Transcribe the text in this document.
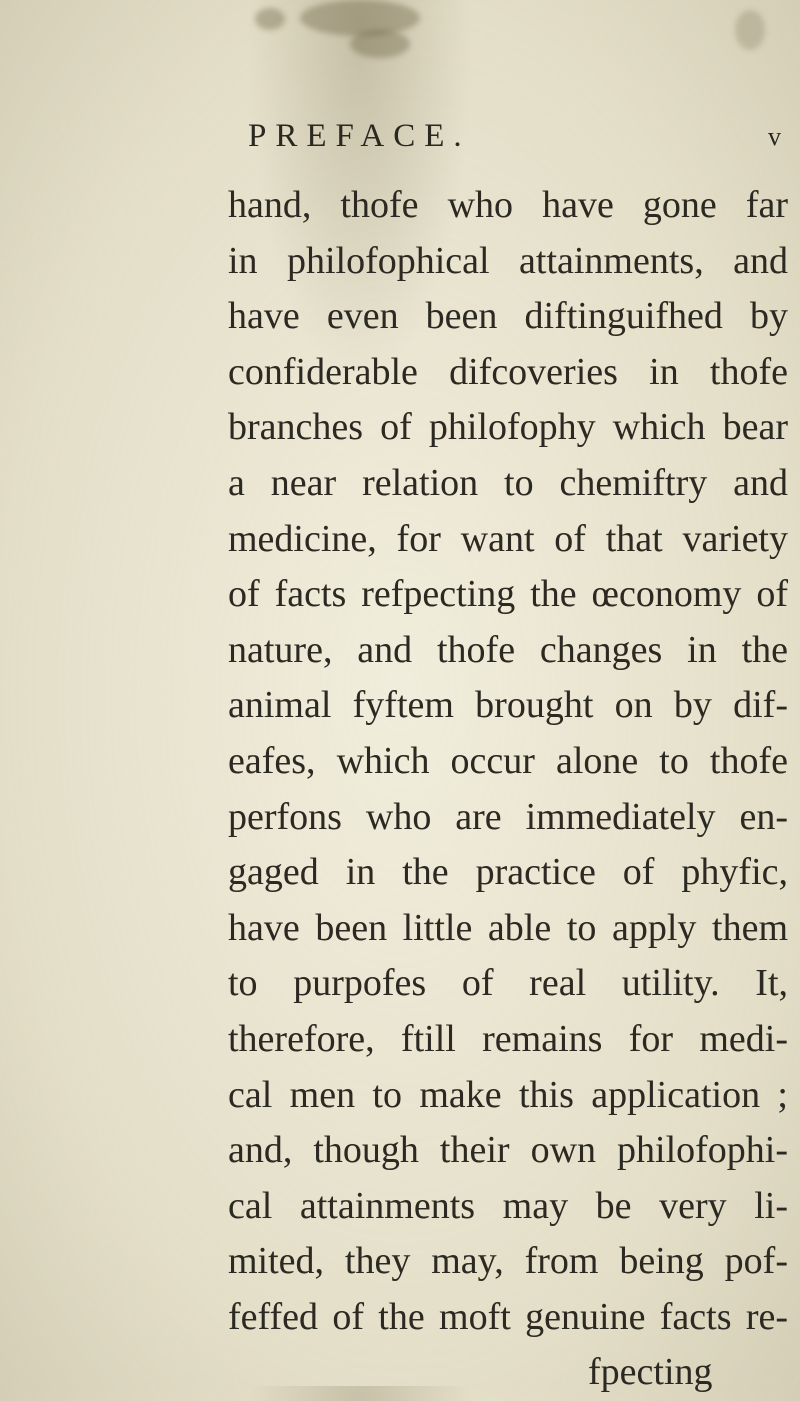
PREFACE.	v
hand, thofe who have gone far
in philofophical attainments, and
have even been diftinguifhed by
confiderable difcoveries in thofe
branches of philofophy which bear
a near relation to chemiftry and
medicine, for want of that variety
of facts refpecting the œconomy of
nature, and thofe changes in the
animal fyftem brought on by dif-
eafes, which occur alone to thofe
perfons who are immediately en-
gaged in the practice of phyfic,
have been little able to apply them
to purpofes of real utility. It,
therefore, ftill remains for medi-
cal men to make this application ;
and, though their own philofophi-
cal attainments may be very li-
mited, they may, from being pof-
feffed of the moft genuine facts re-
fpecting
